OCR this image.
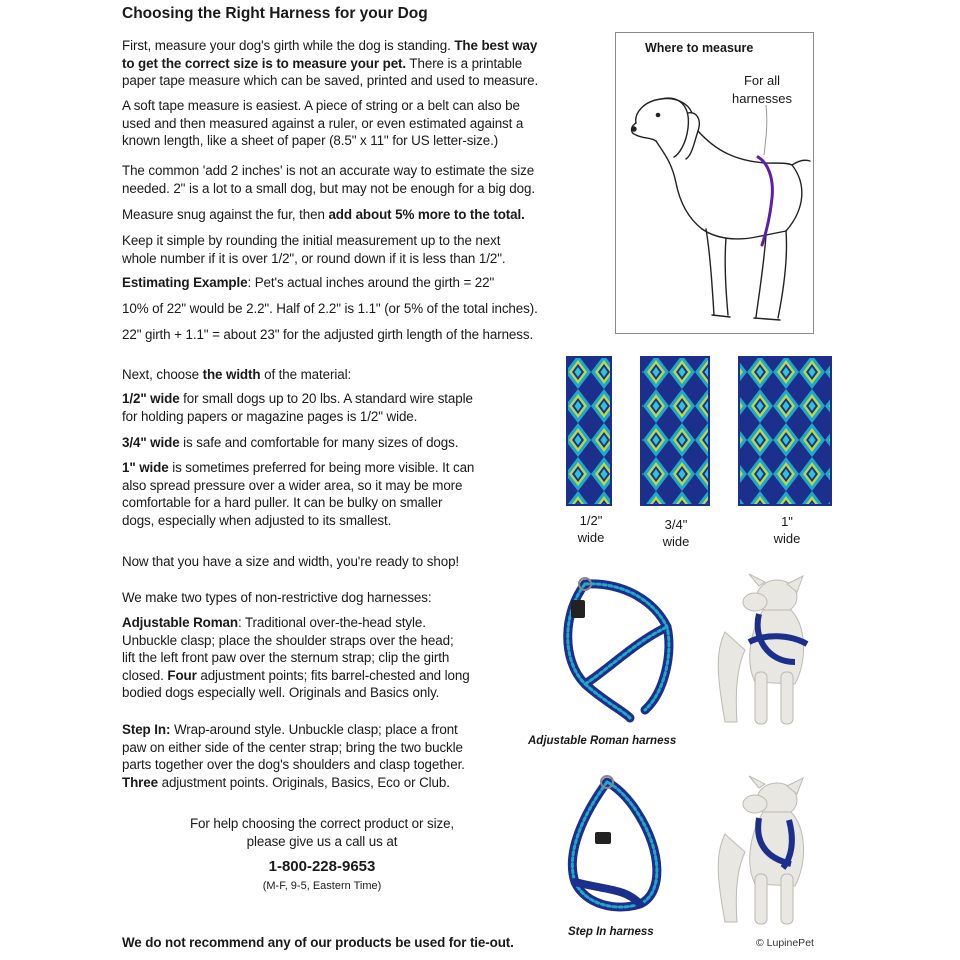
Choosing the Right Harness for your Dog
First, measure your dog's girth while the dog is standing. The best way
to get the correct size is to measure your pet. There is a printable
paper tape measure which can be saved, printed and used to measure.
A soft tape measure is easiest. A piece of string or a belt can also be
used and then measured against a ruler, or even estimated against a
known length, like a sheet of paper (8.5" x 11" for US letter-size.)
The common 'add 2 inches' is not an accurate way to estimate the size
needed. 2" is a lot to a small dog, but may not be enough for a big dog.
Measure snug against the fur, then add about 5% more to the total.
Keep it simple by rounding the initial measurement up to the next
whole number if it is over 1/2", or round down if it is less than 1/2".
Estimating Example: Pet's actual inches around the girth = 22"
10% of 22" would be 2.2". Half of 2.2" is 1.1" (or 5% of the total inches).
22" girth + 1.1" = about 23" for the adjusted girth length of the harness.
Where to measure
For all harnesses
Next, choose the width of the material:
1/2" wide for small dogs up to 20 lbs. A standard wire staple
for holding papers or magazine pages is 1/2" wide.
3/4" wide is safe and comfortable for many sizes of dogs.
1" wide is sometimes preferred for being more visible. It can
also spread pressure over a wider area, so it may be more
comfortable for a hard puller. It can be bulky on smaller
dogs, especially when adjusted to its smallest.
Now that you have a size and width, you're ready to shop!
1/2"
wide
3/4"
wide
1"
wide
We make two types of non-restrictive dog harnesses:
Adjustable Roman: Traditional over-the-head style.
Unbuckle clasp; place the shoulder straps over the head;
lift the left front paw over the sternum strap; clip the girth
closed. Four adjustment points; fits barrel-chested and long
bodied dogs especially well. Originals and Basics only.
Step In: Wrap-around style. Unbuckle clasp; place a front
paw on either side of the center strap; bring the two buckle
parts together over the dog's shoulders and clasp together.
Three adjustment points. Originals, Basics, Eco or Club.
Adjustable Roman harness
Step In harness
For help choosing the correct product or size,
please give us a call us at
1-800-228-9653
(M-F, 9-5, Eastern Time)
We do not recommend any of our products be used for tie-out.	© LupinePet
